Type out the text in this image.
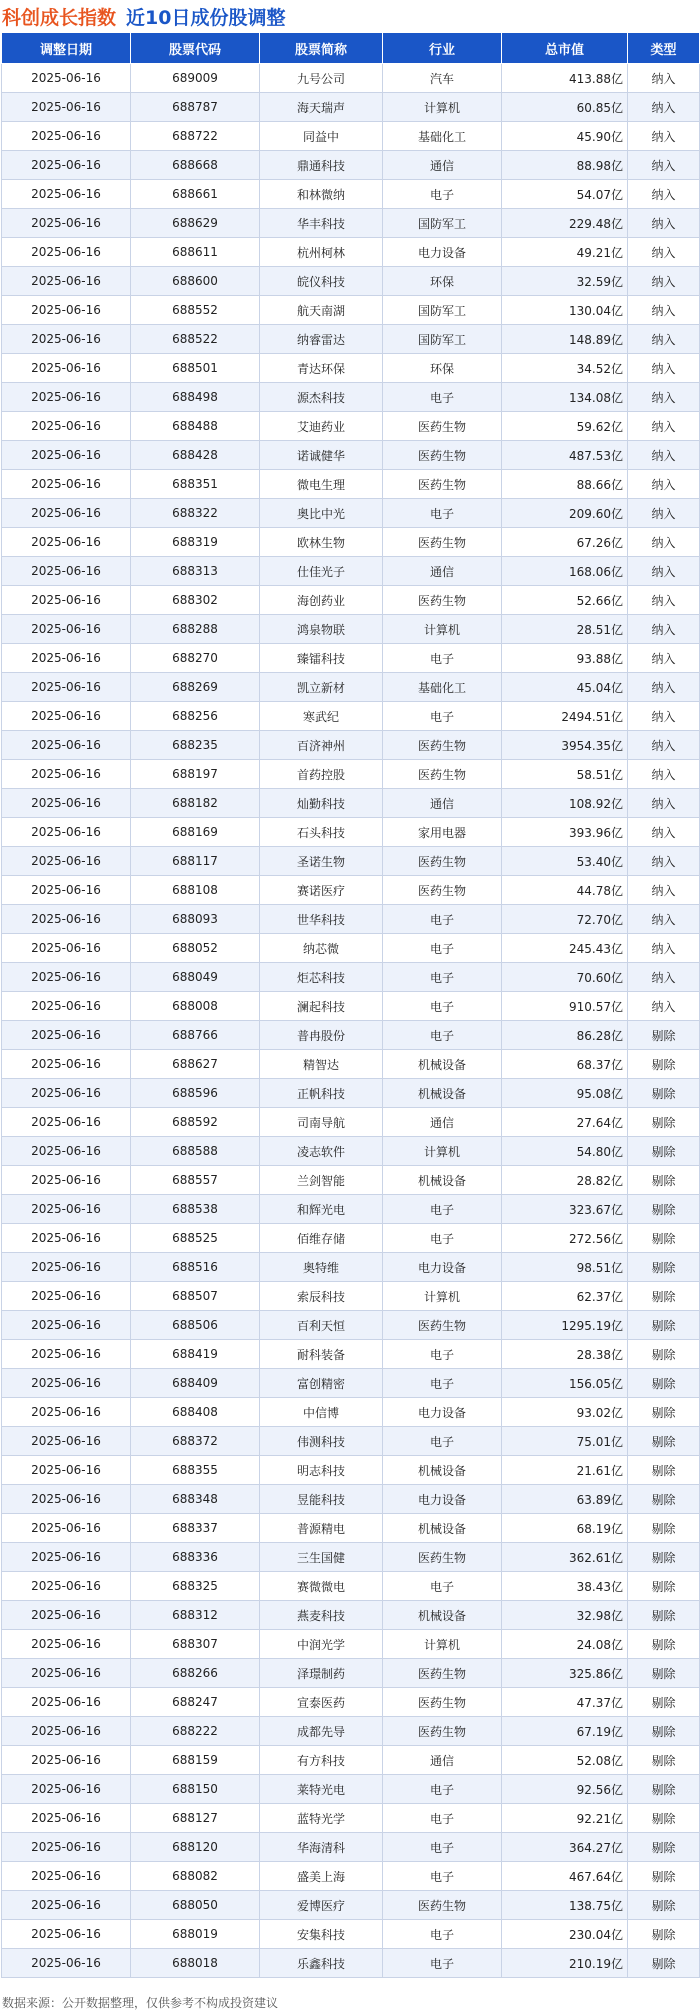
科创成长指数 近10日成份股调整
调整日期	股票代码	股票简称	行业	总市值	类型
2025-06-16	689009	九号公司	汽车	413.88亿	纳入
2025-06-16	688787	海天瑞声	计算机	60.85亿	纳入
2025-06-16	688722	同益中	基础化工	45.90亿	纳入
2025-06-16	688668	鼎通科技	通信	88.98亿	纳入
2025-06-16	688661	和林微纳	电子	54.07亿	纳入
2025-06-16	688629	华丰科技	国防军工	229.48亿	纳入
2025-06-16	688611	杭州柯林	电力设备	49.21亿	纳入
2025-06-16	688600	皖仪科技	环保	32.59亿	纳入
2025-06-16	688552	航天南湖	国防军工	130.04亿	纳入
2025-06-16	688522	纳睿雷达	国防军工	148.89亿	纳入
2025-06-16	688501	青达环保	环保	34.52亿	纳入
2025-06-16	688498	源杰科技	电子	134.08亿	纳入
2025-06-16	688488	艾迪药业	医药生物	59.62亿	纳入
2025-06-16	688428	诺诚健华	医药生物	487.53亿	纳入
2025-06-16	688351	微电生理	医药生物	88.66亿	纳入
2025-06-16	688322	奥比中光	电子	209.60亿	纳入
2025-06-16	688319	欧林生物	医药生物	67.26亿	纳入
2025-06-16	688313	仕佳光子	通信	168.06亿	纳入
2025-06-16	688302	海创药业	医药生物	52.66亿	纳入
2025-06-16	688288	鸿泉物联	计算机	28.51亿	纳入
2025-06-16	688270	臻镭科技	电子	93.88亿	纳入
2025-06-16	688269	凯立新材	基础化工	45.04亿	纳入
2025-06-16	688256	寒武纪	电子	2494.51亿	纳入
2025-06-16	688235	百济神州	医药生物	3954.35亿	纳入
2025-06-16	688197	首药控股	医药生物	58.51亿	纳入
2025-06-16	688182	灿勤科技	通信	108.92亿	纳入
2025-06-16	688169	石头科技	家用电器	393.96亿	纳入
2025-06-16	688117	圣诺生物	医药生物	53.40亿	纳入
2025-06-16	688108	赛诺医疗	医药生物	44.78亿	纳入
2025-06-16	688093	世华科技	电子	72.70亿	纳入
2025-06-16	688052	纳芯微	电子	245.43亿	纳入
2025-06-16	688049	炬芯科技	电子	70.60亿	纳入
2025-06-16	688008	澜起科技	电子	910.57亿	纳入
2025-06-16	688766	普冉股份	电子	86.28亿	剔除
2025-06-16	688627	精智达	机械设备	68.37亿	剔除
2025-06-16	688596	正帆科技	机械设备	95.08亿	剔除
2025-06-16	688592	司南导航	通信	27.64亿	剔除
2025-06-16	688588	凌志软件	计算机	54.80亿	剔除
2025-06-16	688557	兰剑智能	机械设备	28.82亿	剔除
2025-06-16	688538	和辉光电	电子	323.67亿	剔除
2025-06-16	688525	佰维存储	电子	272.56亿	剔除
2025-06-16	688516	奥特维	电力设备	98.51亿	剔除
2025-06-16	688507	索辰科技	计算机	62.37亿	剔除
2025-06-16	688506	百利天恒	医药生物	1295.19亿	剔除
2025-06-16	688419	耐科装备	电子	28.38亿	剔除
2025-06-16	688409	富创精密	电子	156.05亿	剔除
2025-06-16	688408	中信博	电力设备	93.02亿	剔除
2025-06-16	688372	伟测科技	电子	75.01亿	剔除
2025-06-16	688355	明志科技	机械设备	21.61亿	剔除
2025-06-16	688348	昱能科技	电力设备	63.89亿	剔除
2025-06-16	688337	普源精电	机械设备	68.19亿	剔除
2025-06-16	688336	三生国健	医药生物	362.61亿	剔除
2025-06-16	688325	赛微微电	电子	38.43亿	剔除
2025-06-16	688312	燕麦科技	机械设备	32.98亿	剔除
2025-06-16	688307	中润光学	计算机	24.08亿	剔除
2025-06-16	688266	泽璟制药	医药生物	325.86亿	剔除
2025-06-16	688247	宣泰医药	医药生物	47.37亿	剔除
2025-06-16	688222	成都先导	医药生物	67.19亿	剔除
2025-06-16	688159	有方科技	通信	52.08亿	剔除
2025-06-16	688150	莱特光电	电子	92.56亿	剔除
2025-06-16	688127	蓝特光学	电子	92.21亿	剔除
2025-06-16	688120	华海清科	电子	364.27亿	剔除
2025-06-16	688082	盛美上海	电子	467.64亿	剔除
2025-06-16	688050	爱博医疗	医药生物	138.75亿	剔除
2025-06-16	688019	安集科技	电子	230.04亿	剔除
2025-06-16	688018	乐鑫科技	电子	210.19亿	剔除
数据来源：公开数据整理，仅供参考不构成投资建议
